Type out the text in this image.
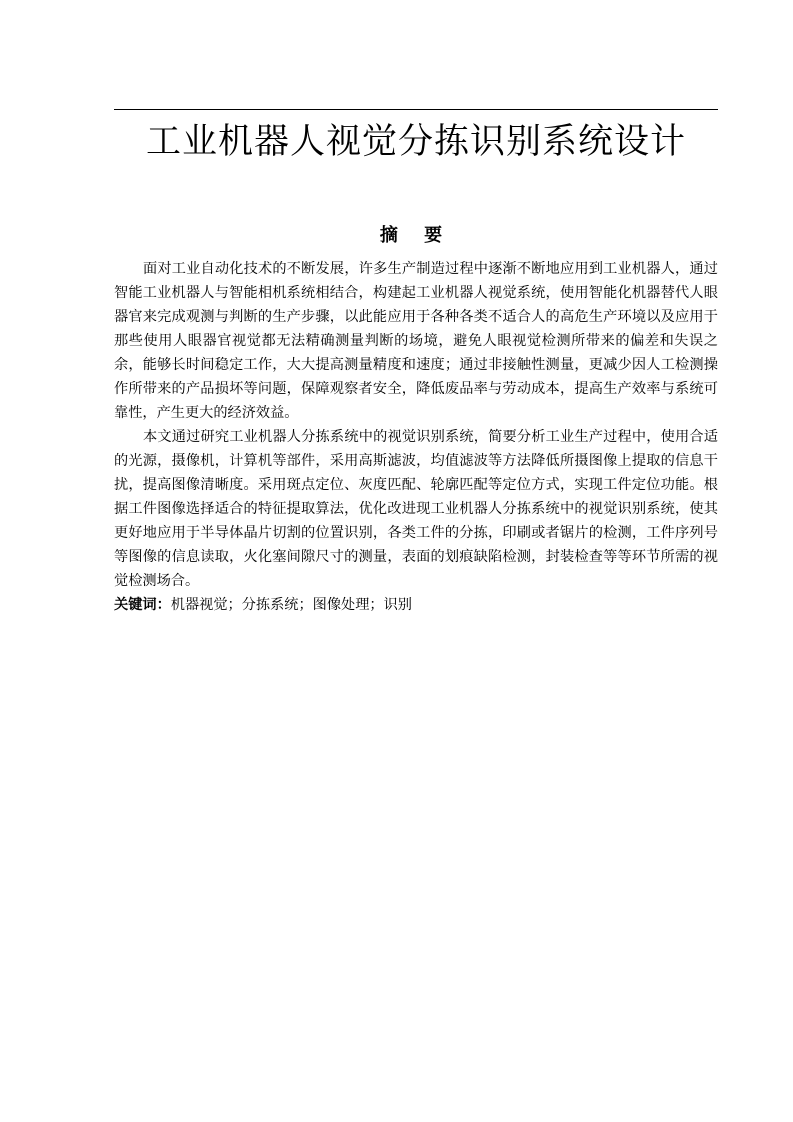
工业机器人视觉分拣识别系统设计
摘 要

面对工业自动化技术的不断发展，许多生产制造过程中逐渐不断地应用到工业机器人，通过智能工业机器人与智能相机系统相结合，构建起工业机器人视觉系统，使用智能化机器替代人眼器官来完成观测与判断的生产步骤，以此能应用于各种各类不适合人的高危生产环境以及应用于那些使用人眼器官视觉都无法精确测量判断的场境，避免人眼视觉检测所带来的偏差和失误之余，能够长时间稳定工作，大大提高测量精度和速度；通过非接触性测量，更减少因人工检测操作所带来的产品损坏等问题，保障观察者安全，降低废品率与劳动成本，提高生产效率与系统可靠性，产生更大的经济效益。

本文通过研究工业机器人分拣系统中的视觉识别系统，简要分析工业生产过程中，使用合适的光源，摄像机，计算机等部件，采用高斯滤波，均值滤波等方法降低所摄图像上提取的信息干扰，提高图像清晰度。采用斑点定位、灰度匹配、轮廓匹配等定位方式，实现工件定位功能。根据工件图像选择适合的特征提取算法，优化改进现工业机器人分拣系统中的视觉识别系统，使其更好地应用于半导体晶片切割的位置识别，各类工件的分拣，印刷或者锯片的检测，工件序列号等图像的信息读取，火化塞间隙尺寸的测量，表面的划痕缺陷检测，封装检查等等环节所需的视觉检测场合。

关键词：机器视觉；分拣系统；图像处理；识别
